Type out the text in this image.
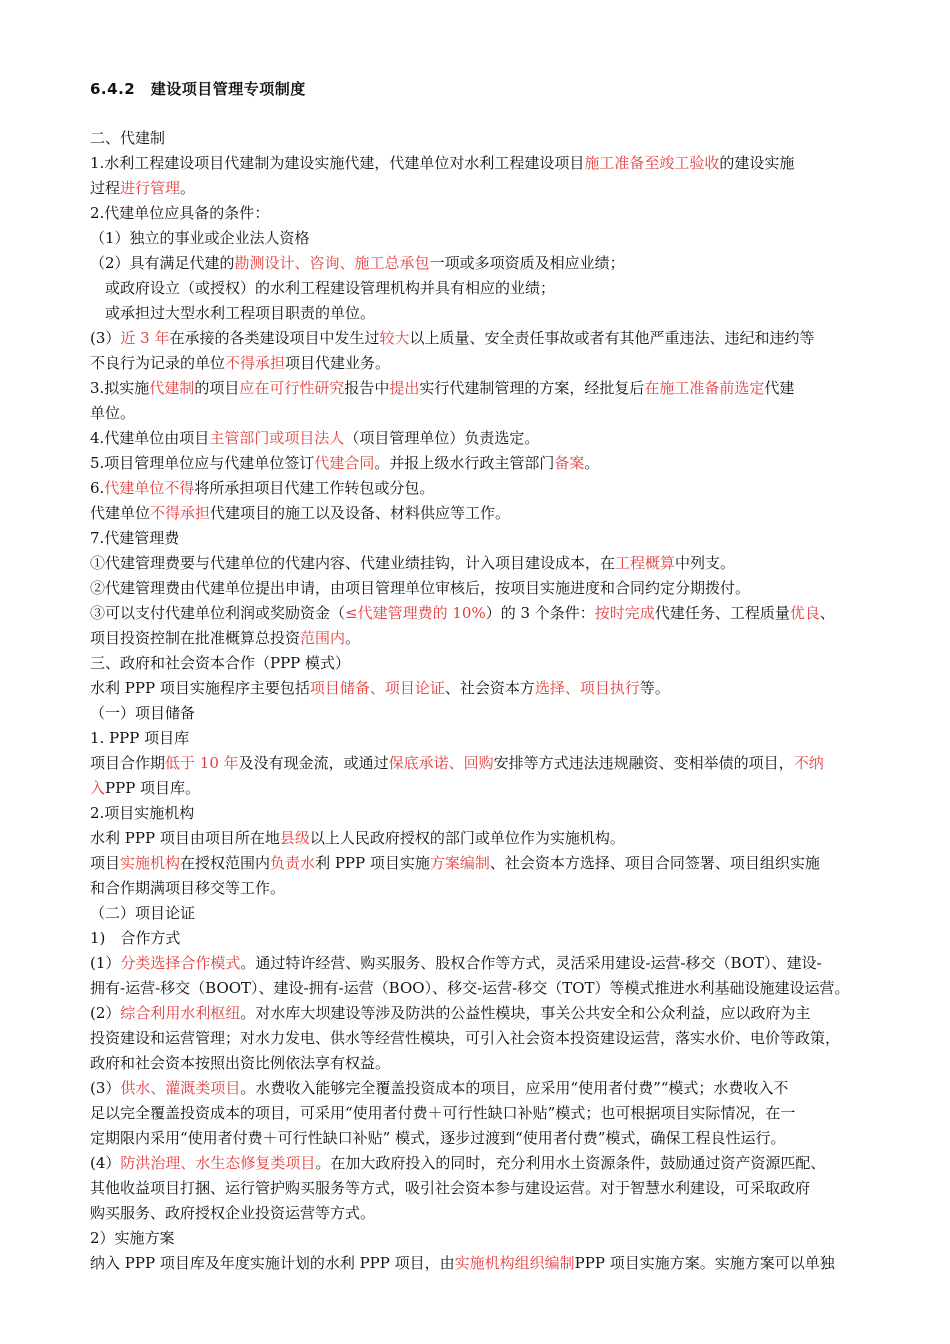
6.4.2　建设项目管理专项制度
二、代建制
1.水利工程建设项目代建制为建设实施代建，代建单位对水利工程建设项目施工准备至竣工验收的建设实施
过程进行管理。
2.代建单位应具备的条件：
（1）独立的事业或企业法人资格
（2）具有满足代建的勘测设计、咨询、施工总承包一项或多项资质及相应业绩；
　或政府设立（或授权）的水利工程建设管理机构并具有相应的业绩；
　或承担过大型水利工程项目职责的单位。
(3）近 3 年在承接的各类建设项目中发生过较大以上质量、安全责任事故或者有其他严重违法、违纪和违约等
不良行为记录的单位不得承担项目代建业务。
3.拟实施代建制的项目应在可行性研究报告中提出实行代建制管理的方案，经批复后在施工准备前选定代建
单位。
4.代建单位由项目主管部门或项目法人（项目管理单位）负责选定。
5.项目管理单位应与代建单位签订代建合同。并报上级水行政主管部门备案。
6.代建单位不得将所承担项目代建工作转包或分包。
代建单位不得承担代建项目的施工以及设备、材料供应等工作。
7.代建管理费
①代建管理费要与代建单位的代建内容、代建业绩挂钩，计入项目建设成本，在工程概算中列支。
②代建管理费由代建单位提出申请，由项目管理单位审核后，按项目实施进度和合同约定分期拨付。
③可以支付代建单位利润或奖励资金（≤代建管理费的 10%）的 3 个条件：按时完成代建任务、工程质量优良、
项目投资控制在批准概算总投资范围内。
三、政府和社会资本合作（PPP 模式）
水利 PPP 项目实施程序主要包括项目储备、项目论证、社会资本方选择、项目执行等。
（一）项目储备
1. PPP 项目库
项目合作期低于 10 年及没有现金流，或通过保底承诺、回购安排等方式违法违规融资、变相举债的项目，不纳
入PPP 项目库。
2.项目实施机构
水利 PPP 项目由项目所在地县级以上人民政府授权的部门或单位作为实施机构。
项目实施机构在授权范围内负责水利 PPP 项目实施方案编制、社会资本方选择、项目合同签署、项目组织实施
和合作期满项目移交等工作。
（二）项目论证
1)　合作方式
(1）分类选择合作模式。通过特许经营、购买服务、股权合作等方式，灵活采用建设-运营-移交（BOT）、建设-
拥有-运营-移交（BOOT）、建设-拥有-运营（BOO）、移交-运营-移交（TOT）等模式推进水利基础设施建设运营。
(2）综合利用水利枢纽。对水库大坝建设等涉及防洪的公益性模块，事关公共安全和公众利益，应以政府为主
投资建设和运营管理；对水力发电、供水等经营性模块，可引入社会资本投资建设运营，落实水价、电价等政策，
政府和社会资本按照出资比例依法享有权益。
(3）供水、灌溉类项目。水费收入能够完全覆盖投资成本的项目，应采用“使用者付费”“模式；水费收入不
足以完全覆盖投资成本的项目，可采用“使用者付费＋可行性缺口补贴”模式；也可根据项目实际情况，在一
定期限内采用“使用者付费＋可行性缺口补贴” 模式，逐步过渡到“使用者付费”模式，确保工程良性运行。
(4）防洪治理、水生态修复类项目。在加大政府投入的同时，充分利用水土资源条件，鼓励通过资产资源匹配、
其他收益项目打捆、运行管护购买服务等方式，吸引社会资本参与建设运营。对于智慧水利建设，可采取政府
购买服务、政府授权企业投资运营等方式。
2）实施方案
纳入 PPP 项目库及年度实施计划的水利 PPP 项目，由实施机构组织编制PPP 项目实施方案。实施方案可以单独
